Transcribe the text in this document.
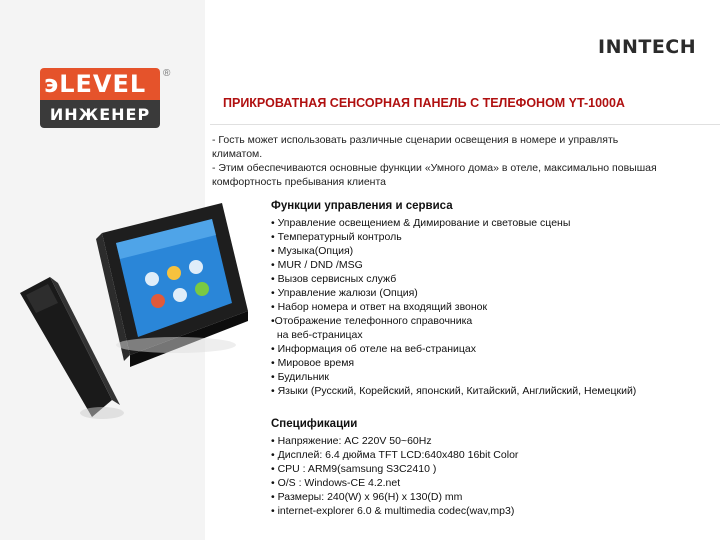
эLEVEL
ИНЖЕНЕР
®
INNTECH
ПРИКРОВАТНАЯ СЕНСОРНАЯ ПАНЕЛЬ С ТЕЛЕФОНОМ YT-1000A
- Гость может использовать различные сценарии освещения в номере и управлять
климатом.
- Этим обеспечиваются основные функции «Умного дома» в отеле, максимально повышая
комфортность пребывания клиента
Функции управления и сервиса
• Управление освещением & Димирование и световые сцены
• Температурный контроль
• Музыка(Опция)
• MUR / DND /MSG
• Вызов сервисных служб
• Управление жалюзи (Опция)
• Набор номера и ответ на входящий звонок
•Отображение телефонного справочника
на веб-страницах
• Информация об отеле на веб-страницах
• Мировое время
• Будильник
• Языки (Русский, Корейский, японский, Китайский, Английский, Немецкий)
Спецификации
• Напряжение: AC 220V 50~60Hz
• Дисплей: 6.4 дюйма TFT LCD:640x480 16bit Color
• CPU : ARM9(samsung S3C2410 )
• O/S : Windows-CE 4.2.net
• Размеры: 240(W) x 96(H) x 130(D) mm
• internet-explorer 6.0 & multimedia codec(wav,mp3)
